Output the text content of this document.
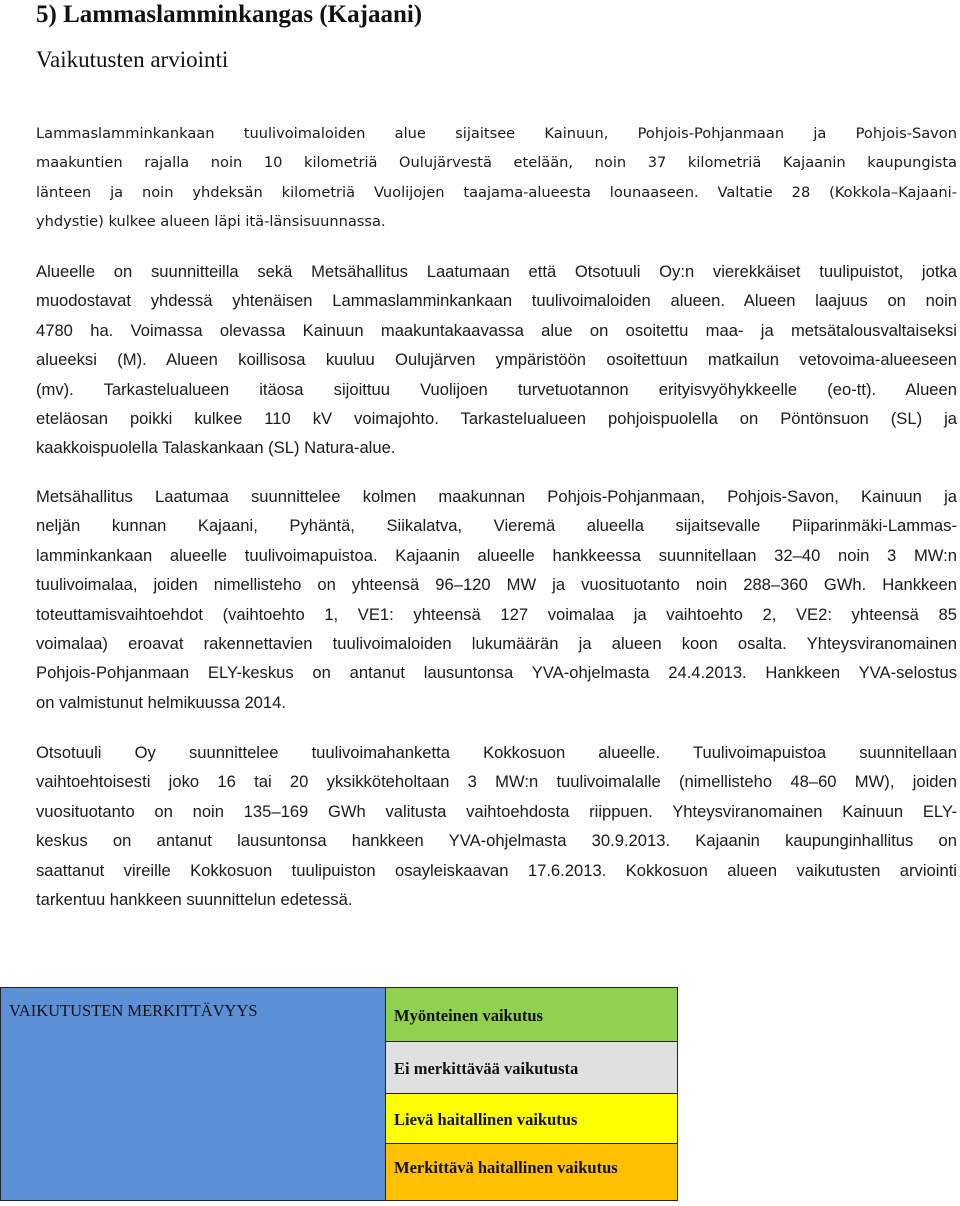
5) Lammaslamminkangas (Kajaani)
Vaikutusten arviointi

Lammaslamminkankaan tuulivoimaloiden alue sijaitsee Kainuun, Pohjois-Pohjanmaan ja Pohjois-Savon
maakuntien rajalla noin 10 kilometriä Oulujärvestä etelään, noin 37 kilometriä Kajaanin kaupungista
länteen ja noin yhdeksän kilometriä Vuolijojen taajama-alueesta lounaaseen. Valtatie 28 (Kokkola–Kajaani-
yhdystie) kulkee alueen läpi itä-länsisuunnassa.

Alueelle on suunnitteilla sekä Metsähallitus Laatumaan että Otsotuuli Oy:n vierekkäiset tuulipuistot, jotka
muodostavat yhdessä yhtenäisen Lammaslamminkankaan tuulivoimaloiden alueen. Alueen laajuus on noin
4780 ha. Voimassa olevassa Kainuun maakuntakaavassa alue on osoitettu maa- ja metsätalousvaltaiseksi
alueeksi (M). Alueen koillisosa kuuluu Oulujärven ympäristöön osoitettuun matkailun vetovoima-alueeseen
(mv). Tarkastelualueen itäosa sijoittuu Vuolijoen turvetuotannon erityisvyöhykkeelle (eo-tt). Alueen
eteläosan poikki kulkee 110 kV voimajohto. Tarkastelualueen pohjoispuolella on Pöntönsuon (SL) ja
kaakkoispuolella Talaskankaan (SL) Natura-alue.

Metsähallitus Laatumaa suunnittelee kolmen maakunnan Pohjois-Pohjanmaan, Pohjois-Savon, Kainuun ja
neljän kunnan Kajaani, Pyhäntä, Siikalatva, Vieremä alueella sijaitsevalle Piiparinmäki-Lammas-
lamminkankaan alueelle tuulivoimapuistoa. Kajaanin alueelle hankkeessa suunnitellaan 32–40 noin 3 MW:n
tuulivoimalaa, joiden nimellisteho on yhteensä 96–120 MW ja vuosituotanto noin 288–360 GWh. Hankkeen
toteuttamisvaihtoehdot (vaihtoehto 1, VE1: yhteensä 127 voimalaa ja vaihtoehto 2, VE2: yhteensä 85
voimalaa) eroavat rakennettavien tuulivoimaloiden lukumäärän ja alueen koon osalta. Yhteysviranomainen
Pohjois-Pohjanmaan ELY-keskus on antanut lausuntonsa YVA-ohjelmasta 24.4.2013. Hankkeen YVA-selostus
on valmistunut helmikuussa 2014.

Otsotuuli Oy suunnittelee tuulivoimahanketta Kokkosuon alueelle. Tuulivoimapuistoa suunnitellaan
vaihtoehtoisesti joko 16 tai 20 yksikköteholtaan 3 MW:n tuulivoimalalle (nimellisteho 48–60 MW), joiden
vuosituotanto on noin 135–169 GWh valitusta vaihtoehdosta riippuen. Yhteysviranomainen Kainuun ELY-
keskus on antanut lausuntonsa hankkeen YVA-ohjelmasta 30.9.2013. Kajaanin kaupunginhallitus on
saattanut vireille Kokkosuon tuulipuiston osayleiskaavan 17.6.2013. Kokkosuon alueen vaikutusten arviointi
tarkentuu hankkeen suunnittelun edetessä.

VAIKUTUSTEN MERKITTÄVYYS	Myönteinen vaikutus
Ei merkittävää vaikutusta
Lievä haitallinen vaikutus
Merkittävä haitallinen vaikutus
